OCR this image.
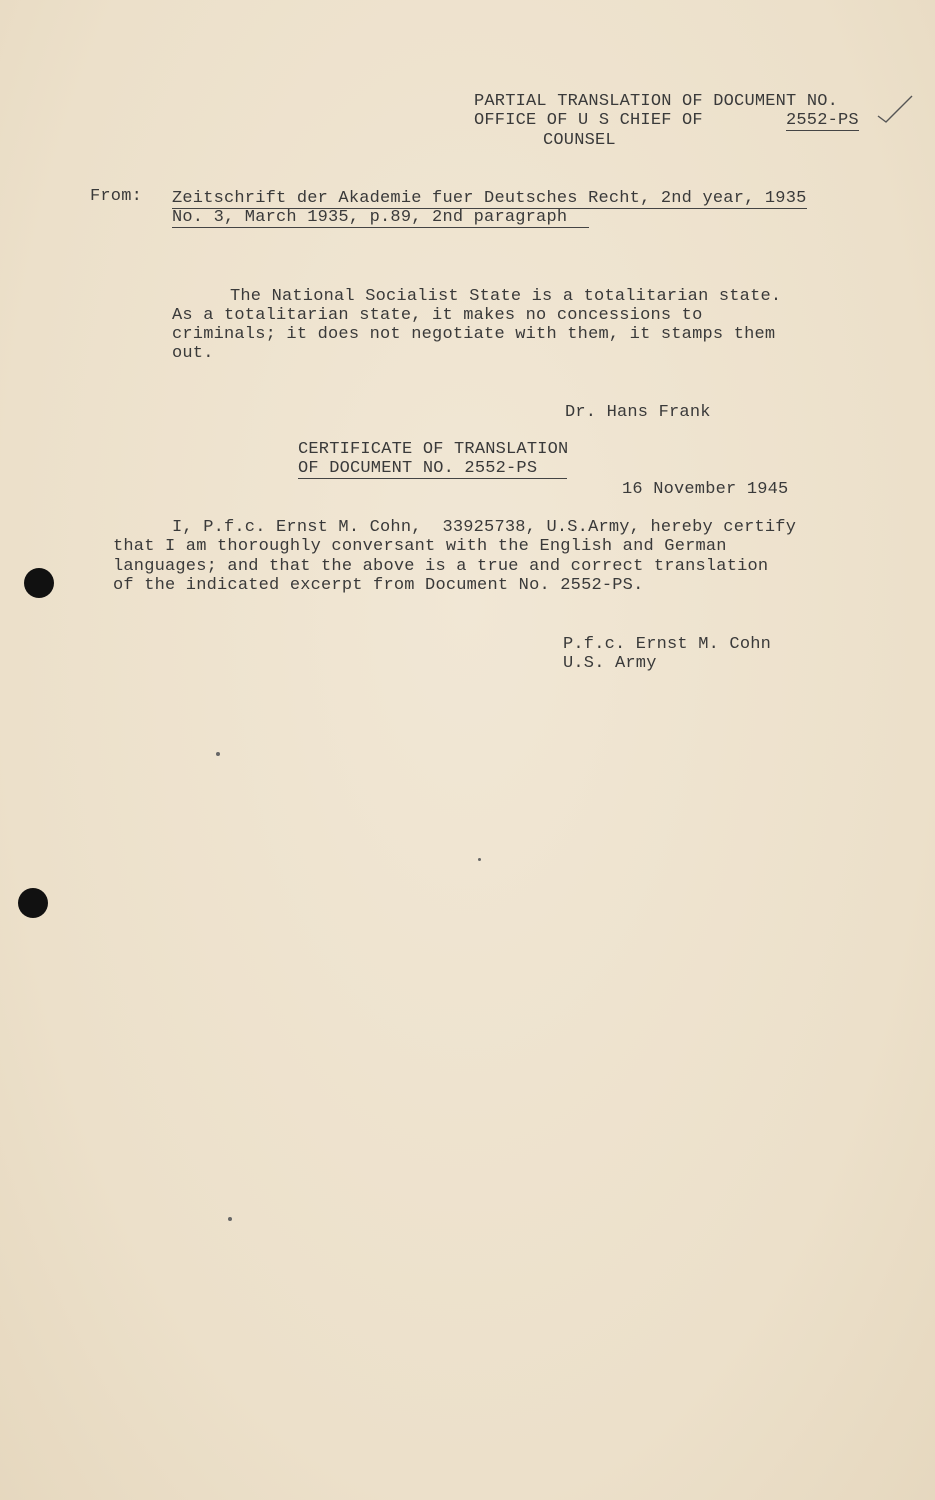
PARTIAL TRANSLATION OF DOCUMENT NO.
OFFICE OF U S CHIEF OF	2552-PS
COUNSEL
From: Zeitschrift der Akademie fuer Deutsches Recht, 2nd year, 1935
No. 3, March 1935, p.89, 2nd paragraph
The National Socialist State is a totalitarian state.
As a totalitarian state, it makes no concessions to
criminals; it does not negotiate with them, it stamps them
out.
Dr. Hans Frank
CERTIFICATE OF TRANSLATION
OF DOCUMENT NO. 2552-PS
16 November 1945
I, P.f.c. Ernst M. Cohn,  33925738, U.S.Army, hereby certify
that I am thoroughly conversant with the English and German
languages; and that the above is a true and correct translation
of the indicated excerpt from Document No. 2552-PS.
P.f.c. Ernst M. Cohn
U.S. Army
